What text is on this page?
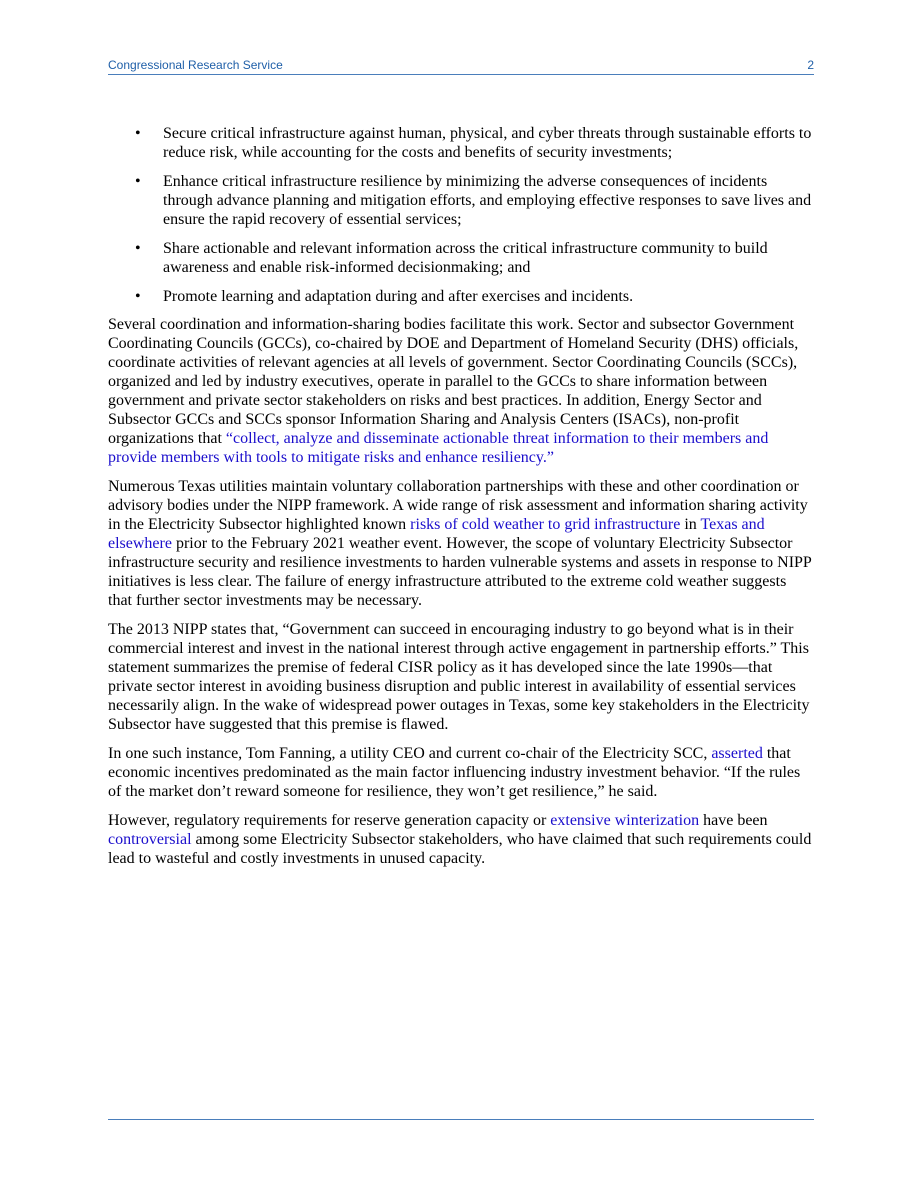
Congressional Research Service	2
• Secure critical infrastructure against human, physical, and cyber threats through sustainable efforts to reduce risk, while accounting for the costs and benefits of security investments;
• Enhance critical infrastructure resilience by minimizing the adverse consequences of incidents through advance planning and mitigation efforts, and employing effective responses to save lives and ensure the rapid recovery of essential services;
• Share actionable and relevant information across the critical infrastructure community to build awareness and enable risk-informed decisionmaking; and
• Promote learning and adaptation during and after exercises and incidents.

Several coordination and information-sharing bodies facilitate this work. Sector and subsector Government Coordinating Councils (GCCs), co-chaired by DOE and Department of Homeland Security (DHS) officials, coordinate activities of relevant agencies at all levels of government. Sector Coordinating Councils (SCCs), organized and led by industry executives, operate in parallel to the GCCs to share information between government and private sector stakeholders on risks and best practices. In addition, Energy Sector and Subsector GCCs and SCCs sponsor Information Sharing and Analysis Centers (ISACs), non-profit organizations that “collect, analyze and disseminate actionable threat information to their members and provide members with tools to mitigate risks and enhance resiliency.”

Numerous Texas utilities maintain voluntary collaboration partnerships with these and other coordination or advisory bodies under the NIPP framework. A wide range of risk assessment and information sharing activity in the Electricity Subsector highlighted known risks of cold weather to grid infrastructure in Texas and elsewhere prior to the February 2021 weather event. However, the scope of voluntary Electricity Subsector infrastructure security and resilience investments to harden vulnerable systems and assets in response to NIPP initiatives is less clear. The failure of energy infrastructure attributed to the extreme cold weather suggests that further sector investments may be necessary.

The 2013 NIPP states that, “Government can succeed in encouraging industry to go beyond what is in their commercial interest and invest in the national interest through active engagement in partnership efforts.” This statement summarizes the premise of federal CISR policy as it has developed since the late 1990s—that private sector interest in avoiding business disruption and public interest in availability of essential services necessarily align. In the wake of widespread power outages in Texas, some key stakeholders in the Electricity Subsector have suggested that this premise is flawed.

In one such instance, Tom Fanning, a utility CEO and current co-chair of the Electricity SCC, asserted that economic incentives predominated as the main factor influencing industry investment behavior. “If the rules of the market don’t reward someone for resilience, they won’t get resilience,” he said.

However, regulatory requirements for reserve generation capacity or extensive winterization have been controversial among some Electricity Subsector stakeholders, who have claimed that such requirements could lead to wasteful and costly investments in unused capacity.
